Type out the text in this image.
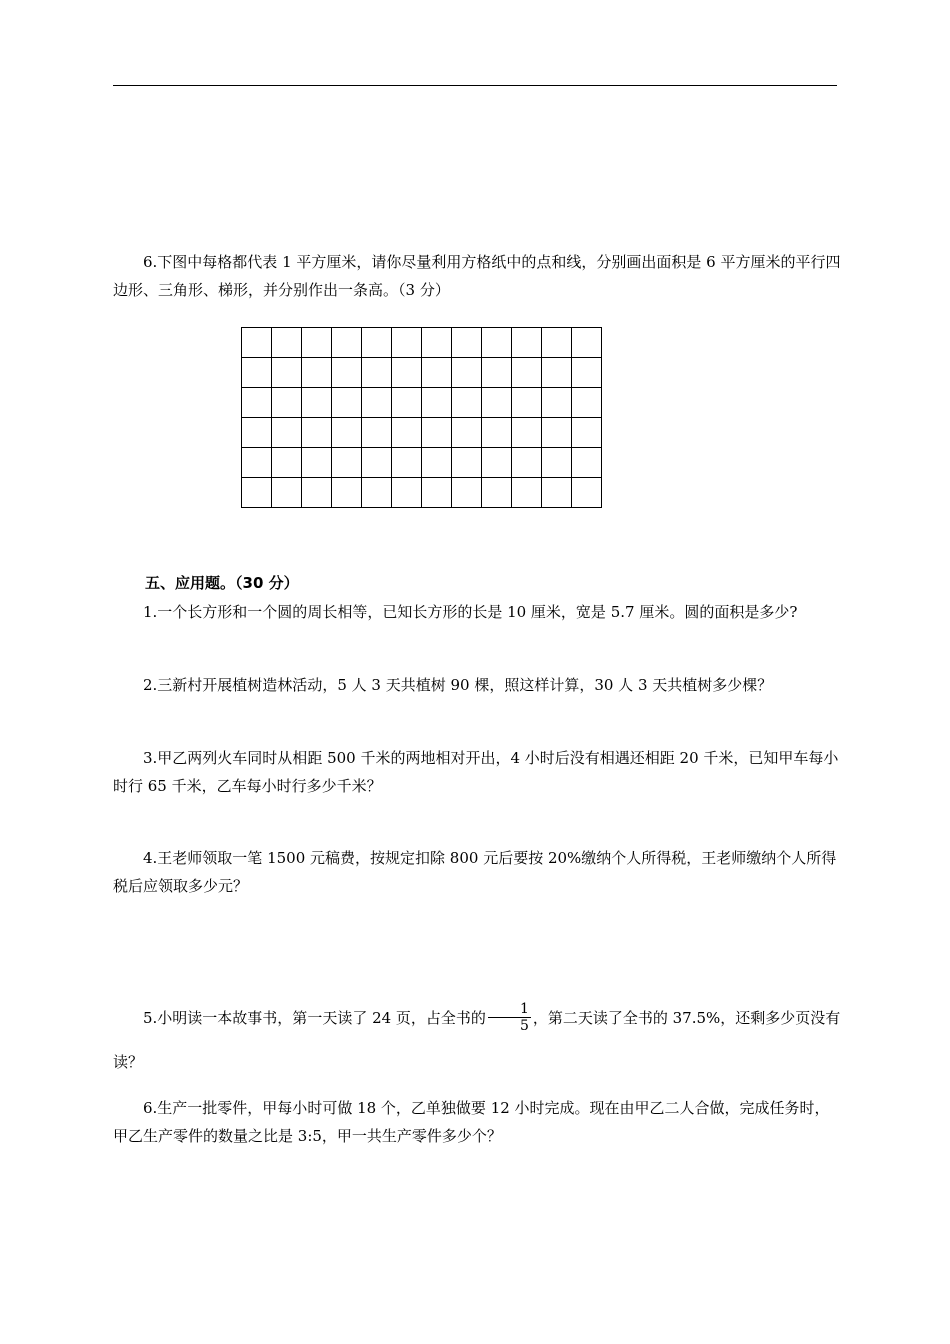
6.下图中每格都代表 1 平方厘米，请你尽量利用方格纸中的点和线，分别画出面积是 6 平方厘米的平行四边形、三角形、梯形，并分别作出一条高。（3 分）

五、应用题。（30 分）

1.一个长方形和一个圆的周长相等，已知长方形的长是 10 厘米，宽是 5.7 厘米。圆的面积是多少?

2.三新村开展植树造林活动，5 人 3 天共植树 90 棵，照这样计算，30 人 3 天共植树多少棵？

3.甲乙两列火车同时从相距 500 千米的两地相对开出，4 小时后没有相遇还相距 20 千米，已知甲车每小时行 65 千米，乙车每小时行多少千米？

4.王老师领取一笔 1500 元稿费，按规定扣除 800 元后要按 20%缴纳个人所得税，王老师缴纳个人所得税后应领取多少元？

5.小明读一本故事书，第一天读了 24 页，占全书的 $\frac{1}{5}$ ，第二天读了全书的 37.5%，还剩多少页没有读？

6.生产一批零件，甲每小时可做 18 个，乙单独做要 12 小时完成。现在由甲乙二人合做，完成任务时，甲乙生产零件的数量之比是 3:5，甲一共生产零件多少个？
